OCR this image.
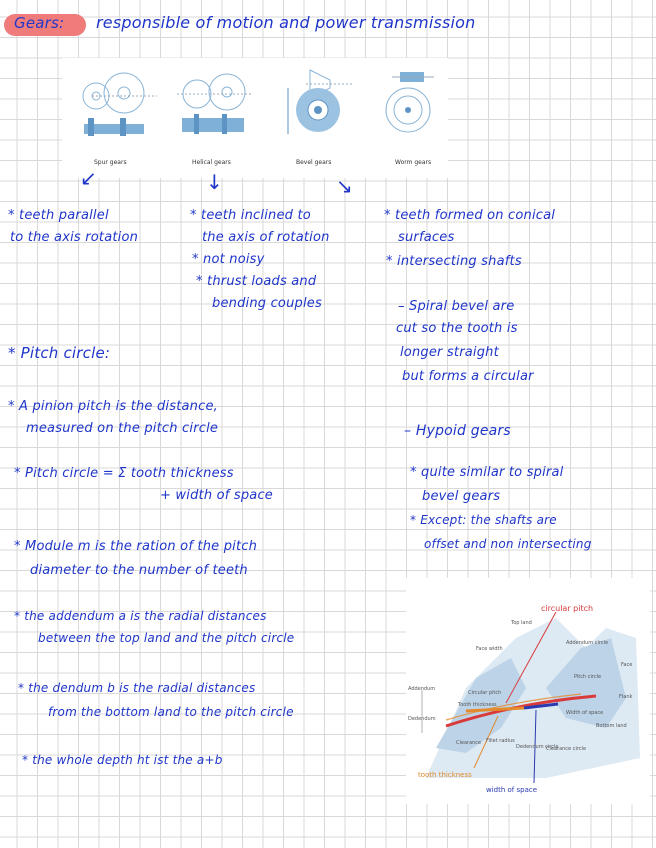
Gears: responsible of motion and power transmission
Spur gears	Helical gears	Bevel gears	Worm gears
↙	↓	↘
* teeth parallel
to the axis rotation
* teeth inclined to
the axis of rotation
* not noisy
* thrust loads and
bending couples
* teeth formed on conical
surfaces
* intersecting shafts
– Spiral bevel are
cut so the tooth is
longer straight
but forms a circular
– Hypoid gears
* quite similar to spiral
bevel gears
* Except: the shafts are
offset and non intersecting
* Pitch circle:
* A pinion pitch is the distance,
measured on the pitch circle
* Pitch circle = Σ tooth thickness
+ width of space
* Module m is the ration of the pitch
diameter to the number of teeth
* the addendum a is the radial distances
between the top land and the pitch circle
* the dendum b is the radial distances
from the bottom land to the pitch circle
* the whole depth ht ist the a+b
circular pitch
Top land
Face width
Addendum circle
Pitch circle
Face
Flank
Addendum
Dedendum
Circular pitch
Tooth thickness
Width of space
Bottom land
Clearance Fillet radius
Dedendum circle
Clearance circle
tooth thickness
width of space
